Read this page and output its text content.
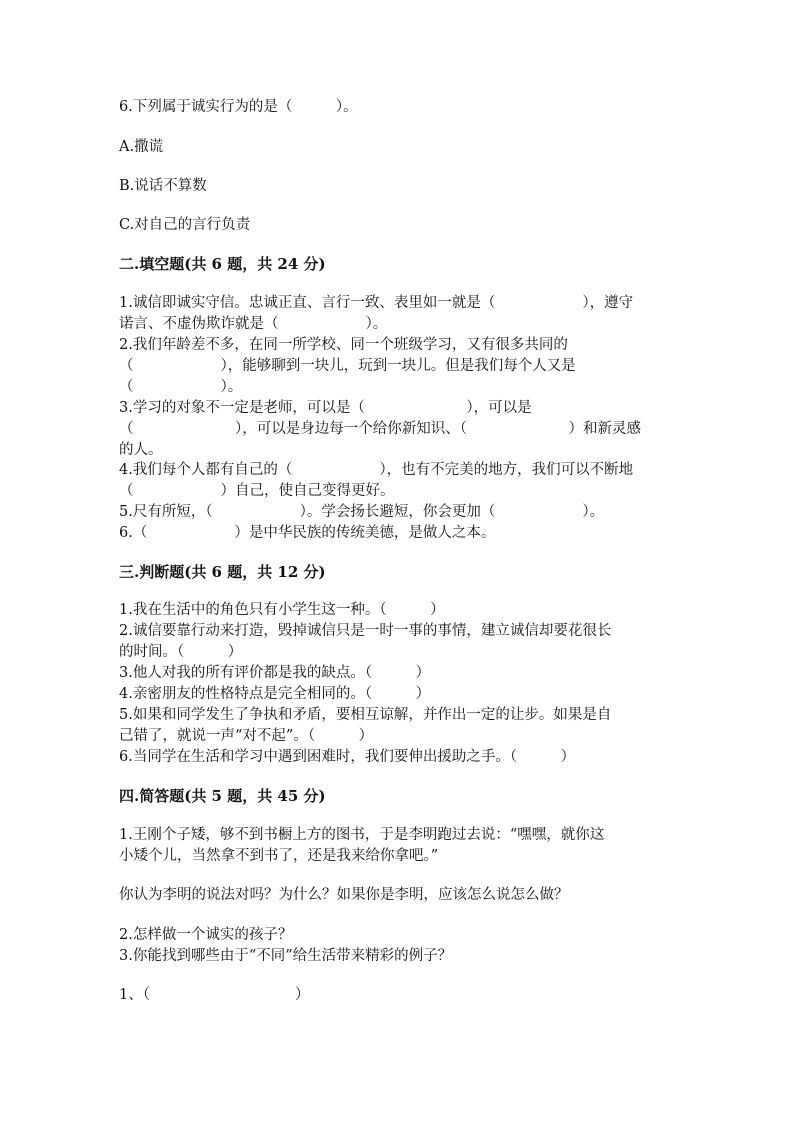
6.下列属于诚实行为的是（　　　）。
A.撒谎
B.说话不算数
C.对自己的言行负责
二.填空题(共 6 题，共 24 分)
1.诚信即诚实守信。忠诚正直、言行一致、表里如一就是（　　　　　　），遵守
诺言、不虚伪欺诈就是（　　　　　　）。
2.我们年龄差不多，在同一所学校、同一个班级学习，又有很多共同的
（　　　　　　），能够聊到一块儿，玩到一块儿。但是我们每个人又是
（　　　　　　）。
3.学习的对象不一定是老师，可以是（　　　　　　　），可以是
（　　　　　　　），可以是身边每一个给你新知识、（　　　　　　　）和新灵感
的人。
4.我们每个人都有自己的（　　　　　　），也有不完美的地方，我们可以不断地
（　　　　　　）自己，使自己变得更好。
5.尺有所短，（　　　　　　）。学会扬长避短，你会更加（　　　　　　）。
6.（　　　　　　）是中华民族的传统美德，是做人之本。
三.判断题(共 6 题，共 12 分)
1.我在生活中的角色只有小学生这一种。（　　　）
2.诚信要靠行动来打造，毁掉诚信只是一时一事的事情，建立诚信却要花很长
的时间。（　　　）
3.他人对我的所有评价都是我的缺点。（　　　）
4.亲密朋友的性格特点是完全相同的。（　　　）
5.如果和同学发生了争执和矛盾，要相互谅解，并作出一定的让步。如果是自
己错了，就说一声“对不起”。（　　　）
6.当同学在生活和学习中遇到困难时，我们要伸出援助之手。（　　　）
四.简答题(共 5 题，共 45 分)
1.王刚个子矮，够不到书橱上方的图书，于是李明跑过去说：“嘿嘿，就你这
小矮个儿，当然拿不到书了，还是我来给你拿吧。”
你认为李明的说法对吗？为什么？如果你是李明，应该怎么说怎么做？
2.怎样做一个诚实的孩子？
3.你能找到哪些由于“不同”给生活带来精彩的例子？
1、（　　　　　　　　　　）
